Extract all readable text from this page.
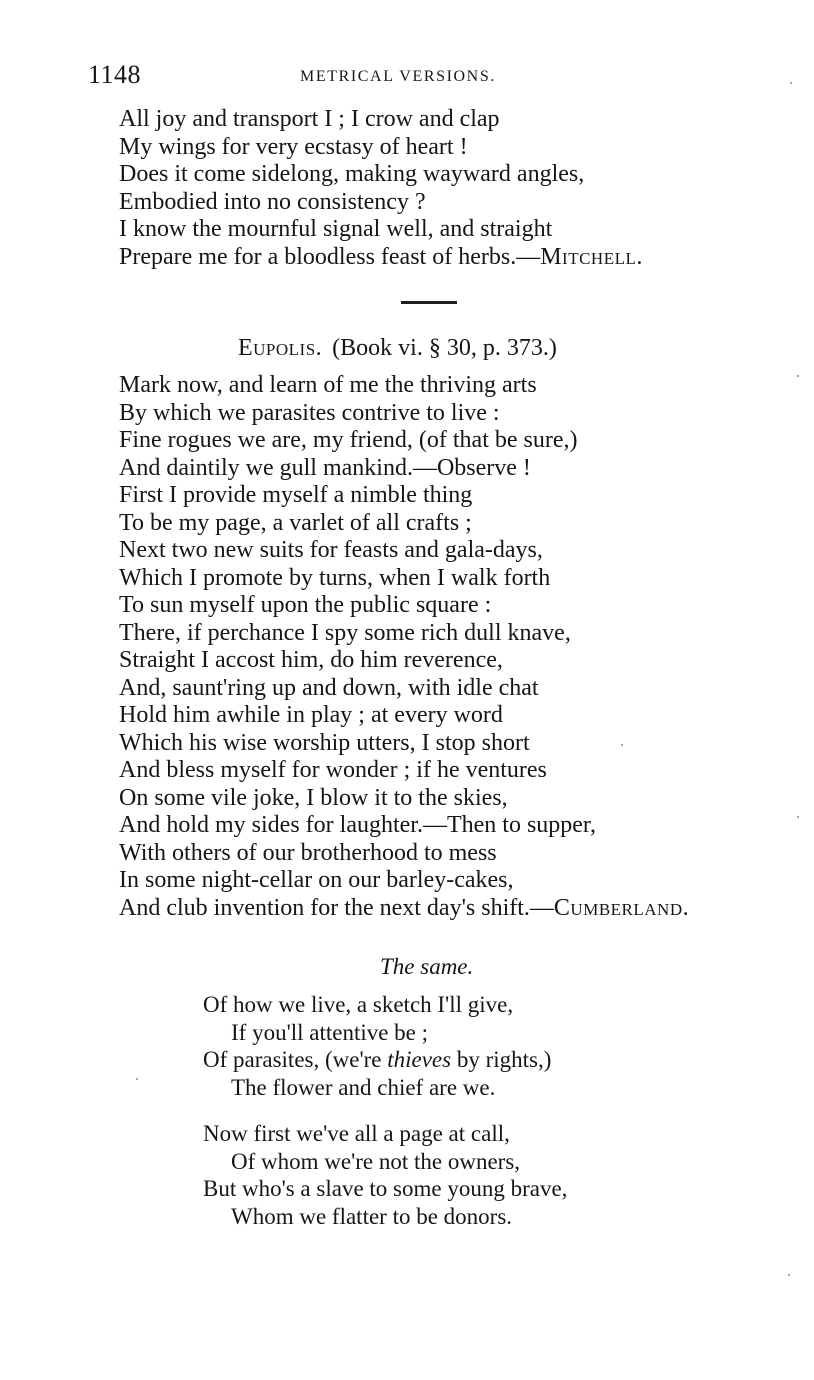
1148	METRICAL VERSIONS.
All joy and transport I ; I crow and clap
My wings for very ecstasy of heart !
Does it come sidelong, making wayward angles,
Embodied into no consistency ?
I know the mournful signal well, and straight
Prepare me for a bloodless feast of herbs.—Mitchell.
Eupolis. (Book vi. § 30, p. 373.)
Mark now, and learn of me the thriving arts
By which we parasites contrive to live :
Fine rogues we are, my friend, (of that be sure,)
And daintily we gull mankind.—Observe !
First I provide myself a nimble thing
To be my page, a varlet of all crafts ;
Next two new suits for feasts and gala-days,
Which I promote by turns, when I walk forth
To sun myself upon the public square :
There, if perchance I spy some rich dull knave,
Straight I accost him, do him reverence,
And, saunt'ring up and down, with idle chat
Hold him awhile in play ; at every word
Which his wise worship utters, I stop short
And bless myself for wonder ; if he ventures
On some vile joke, I blow it to the skies,
And hold my sides for laughter.—Then to supper,
With others of our brotherhood to mess
In some night-cellar on our barley-cakes,
And club invention for the next day's shift.—Cumberland.
The same.
Of how we live, a sketch I'll give,
If you'll attentive be ;
Of parasites, (we're thieves by rights,)
The flower and chief are we.
Now first we've all a page at call,
Of whom we're not the owners,
But who's a slave to some young brave,
Whom we flatter to be donors.
